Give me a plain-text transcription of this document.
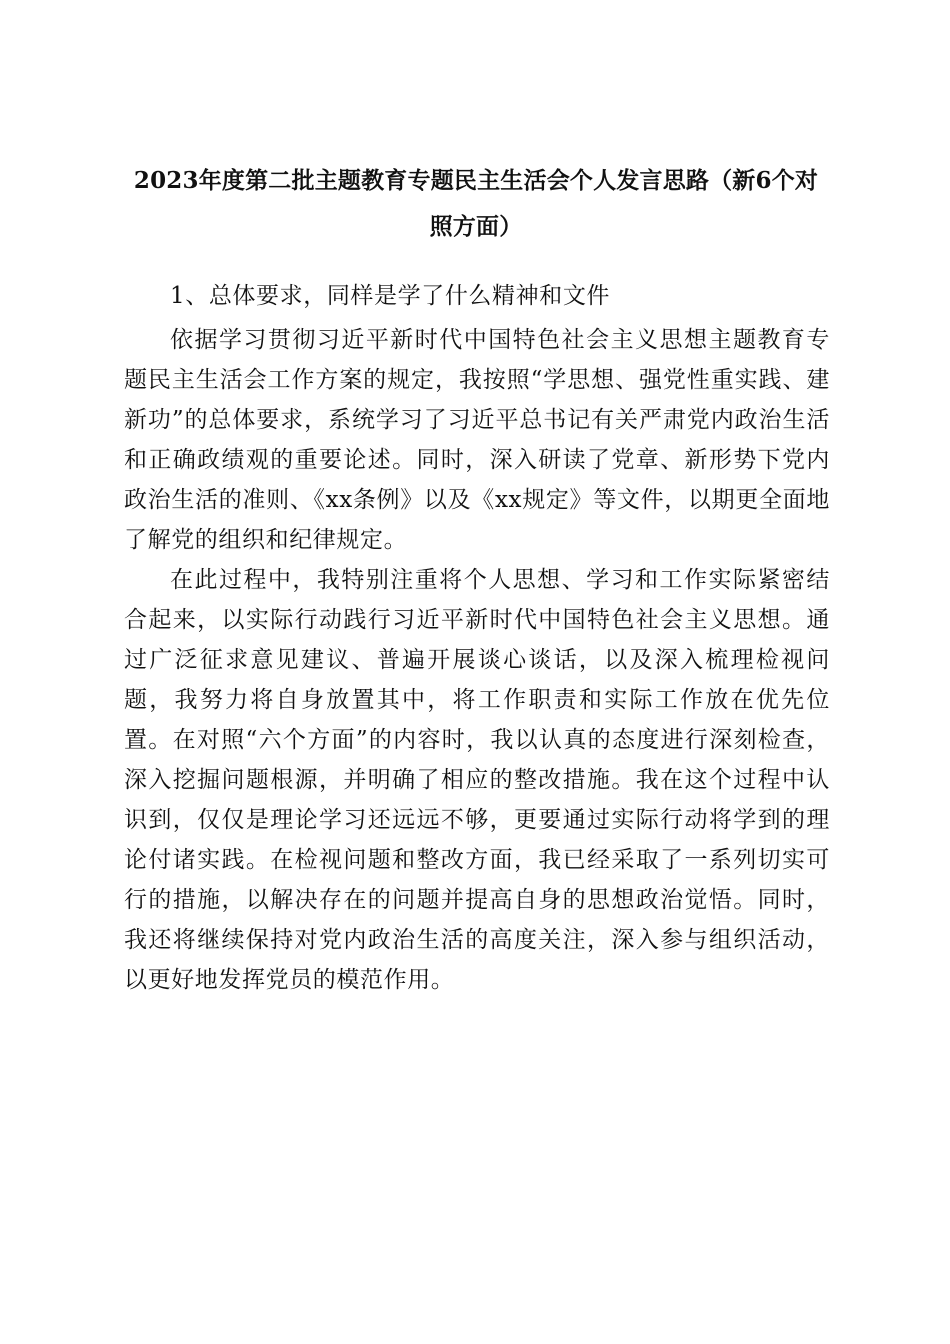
2023年度第二批主题教育专题民主生活会个人发言思路（新6个对照方面）

1、总体要求，同样是学了什么精神和文件

依据学习贯彻习近平新时代中国特色社会主义思想主题教育专题民主生活会工作方案的规定，我按照“学思想、强党性重实践、建新功”的总体要求，系统学习了习近平总书记有关严肃党内政治生活和正确政绩观的重要论述。同时，深入研读了党章、新形势下党内政治生活的准则、《xx条例》以及《xx规定》等文件，以期更全面地了解党的组织和纪律规定。

在此过程中，我特别注重将个人思想、学习和工作实际紧密结合起来，以实际行动践行习近平新时代中国特色社会主义思想。通过广泛征求意见建议、普遍开展谈心谈话，以及深入梳理检视问题，我努力将自身放置其中，将工作职责和实际工作放在优先位置。在对照“六个方面”的内容时，我以认真的态度进行深刻检查，深入挖掘问题根源，并明确了相应的整改措施。我在这个过程中认识到，仅仅是理论学习还远远不够，更要通过实际行动将学到的理论付诸实践。在检视问题和整改方面，我已经采取了一系列切实可行的措施，以解决存在的问题并提高自身的思想政治觉悟。同时，我还将继续保持对党内政治生活的高度关注，深入参与组织活动，以更好地发挥党员的模范作用。
